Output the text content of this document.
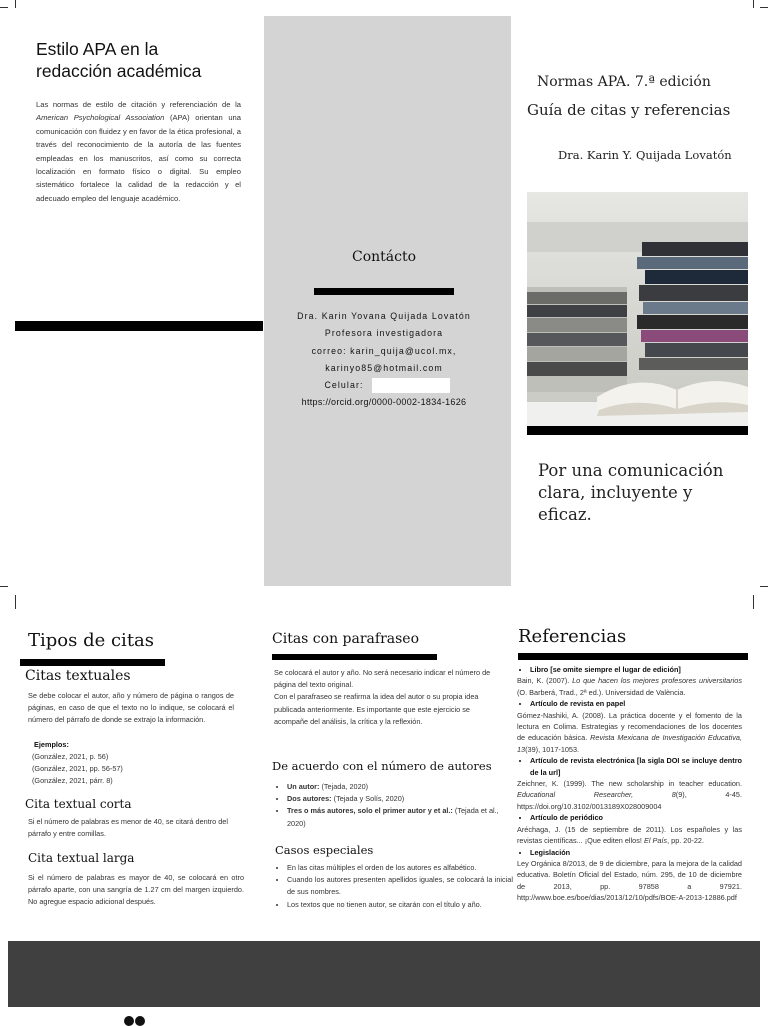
Estilo APA en la redacción académica
Las normas de estilo de citación y referenciación de la American Psychological Association (APA) orientan una comunicación con fluidez y en favor de la ética profesional, a través del reconocimiento de la autoría de las fuentes empleadas en los manuscritos, así como su correcta localización en formato físico o digital. Su empleo sistemático fortalece la calidad de la redacción y el adecuado empleo del lenguaje académico.
Contácto
Dra. Karin Yovana Quijada Lovatón
Profesora investigadora
correo: karin_quija@ucol.mx,
karinyo85@hotmail.com
Celular:
https://orcid.org/0000-0002-1834-1626
Normas APA. 7.ª edición
Guía de citas y referencias
Dra. Karin Y. Quijada Lovatón
Por una comunicación clara, incluyente y eficaz.
Tipos de citas
Citas textuales
Se debe colocar el autor, año y número de página o rangos de páginas, en caso de que el texto no lo indique, se colocará el número del párrafo de donde se extrajo la información.
Ejemplos:
(González, 2021, p. 56)
(González, 2021, pp. 56-57)
(González, 2021, párr. 8)
Cita textual corta
Si el número de palabras es menor de 40, se citará dentro del párrafo y entre comillas.
Cita textual larga
Si el número de palabras es mayor de 40, se colocará en otro párrafo aparte, con una sangría de 1.27 cm del margen izquierdo. No agregue espacio adicional después.
Citas con parafraseo
Se colocará el autor y año. No será necesario indicar el número de página del texto original.
Con el parafraseo se reafirma la idea del autor o su propia idea publicada anteriormente. Es importante que este ejercicio se acompañe del análisis, la crítica y la reflexión.
De acuerdo con el número de autores
• Un autor: (Tejada, 2020)
• Dos autores: (Tejada y Solís, 2020)
• Tres o más autores, solo el primer autor y et al.: (Tejada et al., 2020)
Casos especiales
• En las citas múltiples el orden de los autores es alfabético.
• Cuando los autores presenten apellidos iguales, se colocará la inicial de sus nombres.
• Los textos que no tienen autor, se citarán con el título y año.
Referencias
• Libro [se omite siempre el lugar de edición]
Bain, K. (2007). Lo que hacen los mejores profesores universitarios (O. Barberá, Trad., 2ª ed.). Universidad de València.
• Artículo de revista en papel
Gómez-Nashiki, A. (2008). La práctica docente y el fomento de la lectura en Colima. Estrategias y recomendaciones de los docentes de educación básica. Revista Mexicana de Investigación Educativa, 13(39), 1017-1053.
• Artículo de revista electrónica [la sigla DOI se incluye dentro de la url]
Zeichner, K. (1999). The new scholarship in teacher education. Educational Researcher, 8(9), 4-45. https://doi.org/10.3102/0013189X028009004
• Artículo de periódico
Aréchaga, J. (15 de septiembre de 2011). Los españoles y las revistas científicas... ¡Que editen ellos! El País, pp. 20-22.
• Legislación
Ley Orgánica 8/2013, de 9 de diciembre, para la mejora de la calidad educativa. Boletín Oficial del Estado, núm. 295, de 10 de diciembre de 2013, pp. 97858 a 97921. http://www.boe.es/boe/dias/2013/12/10/pdfs/BOE-A-2013-12886.pdf
